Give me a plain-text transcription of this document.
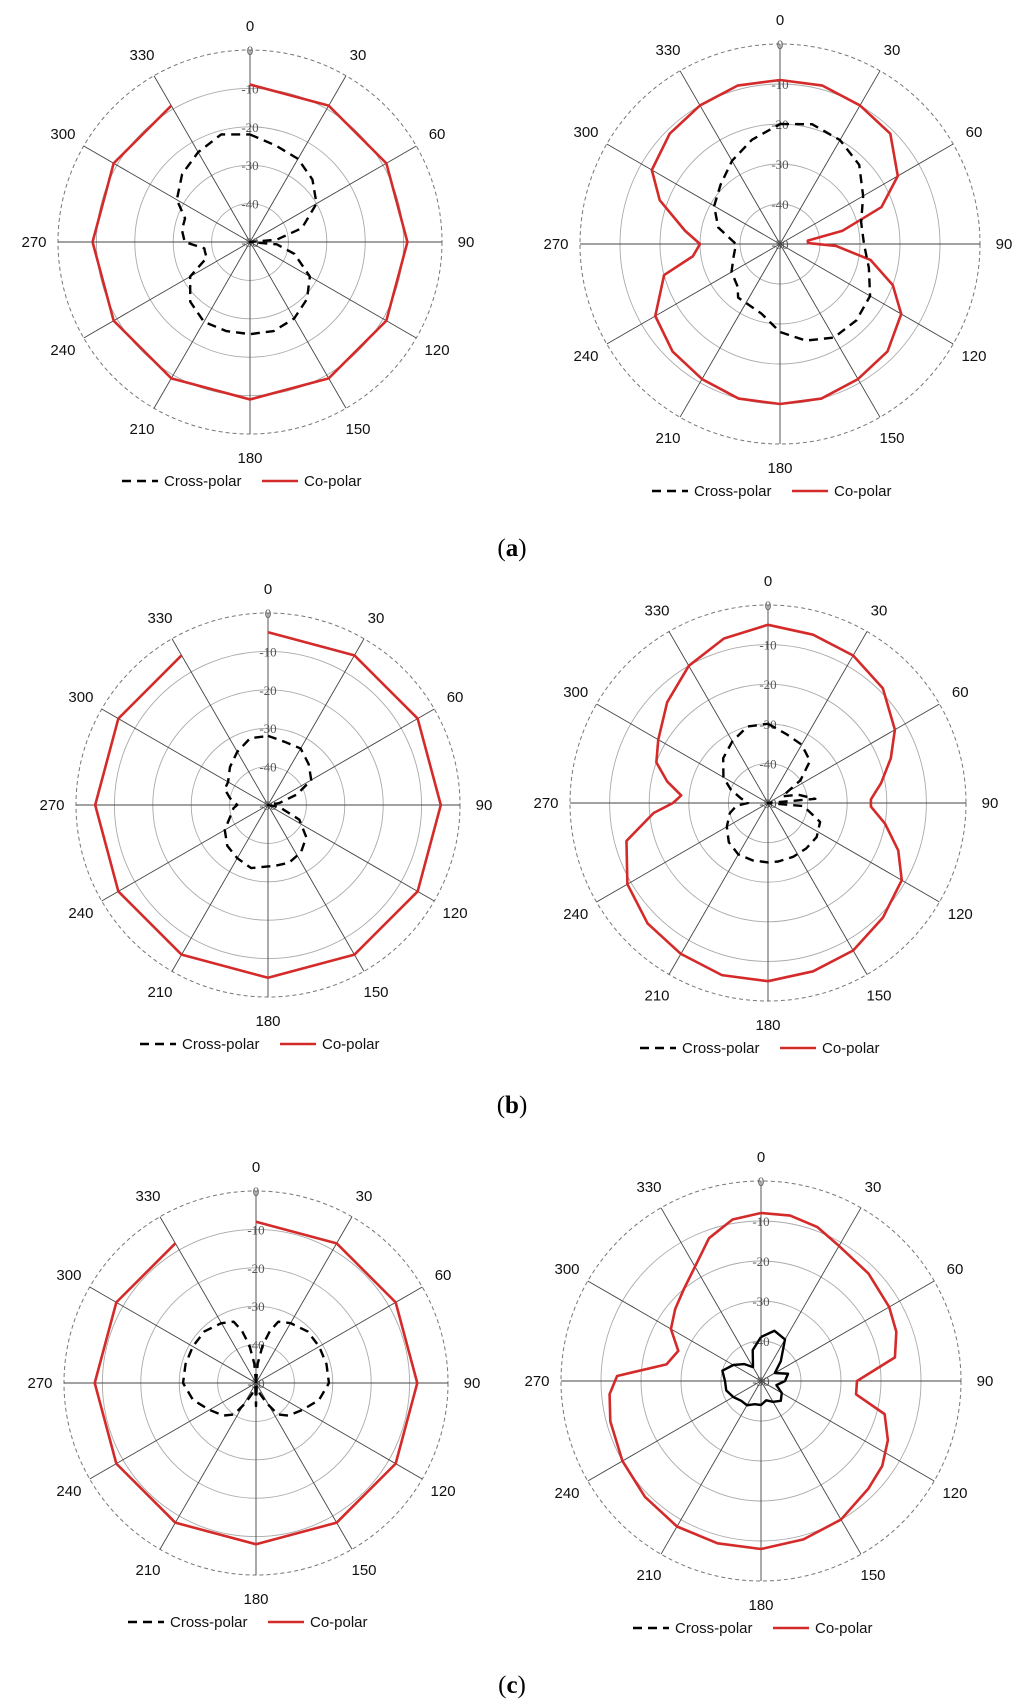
0
30
60
90
120
150
180
210
240
270
300
330	0
-10
-20
-30
-40
-50
Cross-polar	Co-polar
0
30
60
90
120
150
180
210
240
270
300
330	0
-10
-20
-30
-40
-50
Cross-polar	Co-polar
0
30
60
90
120
150
180
210
240
270
300
330	0
-10
-20
-30
-40
-50
Cross-polar	Co-polar
0
30
60
90
120
150
180
210
240
270
300
330	0
-10
-20
-30
-40
-50
Cross-polar	Co-polar
0
30
60
90
120
150
180
210
240
270
300
330	0
-10
-20
-30
-40
-50
Cross-polar	Co-polar
0
30
60
90
120
150
180
210
240
270
300
330	0
-10
-20
-30
-40
-50
Cross-polar	Co-polar
(a)
(b)
(c)
